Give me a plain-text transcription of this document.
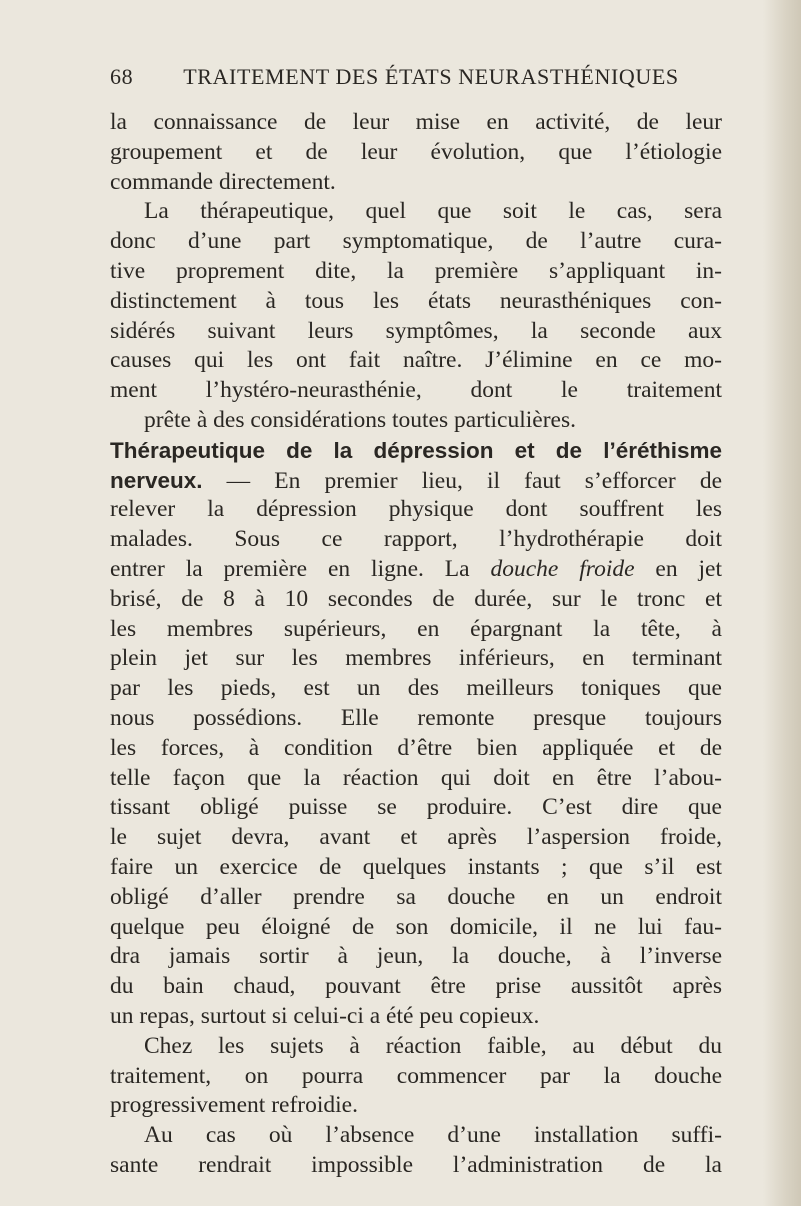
68	TRAITEMENT DES ÉTATS NEURASTHÉNIQUES
la connaissance de leur mise en activité, de leur
groupement et de leur évolution, que l’étiologie
commande directement.
La thérapeutique, quel que soit le cas, sera
donc d’une part symptomatique, de l’autre cura-
tive proprement dite, la première s’appliquant in-
distinctement à tous les états neurasthéniques con-
sidérés suivant leurs symptômes, la seconde aux
causes qui les ont fait naître. J’élimine en ce mo-
ment l’hystéro-neurasthénie, dont le traitement
prête à des considérations toutes particulières.
Thérapeutique de la dépression et de l’éréthisme
nerveux. — En premier lieu, il faut s’efforcer de
relever la dépression physique dont souffrent les
malades. Sous ce rapport, l’hydrothérapie doit
entrer la première en ligne. La douche froide en jet
brisé, de 8 à 10 secondes de durée, sur le tronc et
les membres supérieurs, en épargnant la tête, à
plein jet sur les membres inférieurs, en terminant
par les pieds, est un des meilleurs toniques que
nous possédions. Elle remonte presque toujours
les forces, à condition d’être bien appliquée et de
telle façon que la réaction qui doit en être l’abou-
tissant obligé puisse se produire. C’est dire que
le sujet devra, avant et après l’aspersion froide,
faire un exercice de quelques instants ; que s’il est
obligé d’aller prendre sa douche en un endroit
quelque peu éloigné de son domicile, il ne lui fau-
dra jamais sortir à jeun, la douche, à l’inverse
du bain chaud, pouvant être prise aussitôt après
un repas, surtout si celui-ci a été peu copieux.
Chez les sujets à réaction faible, au début du
traitement, on pourra commencer par la douche
progressivement refroidie.
Au cas où l’absence d’une installation suffi-
sante rendrait impossible l’administration de la
